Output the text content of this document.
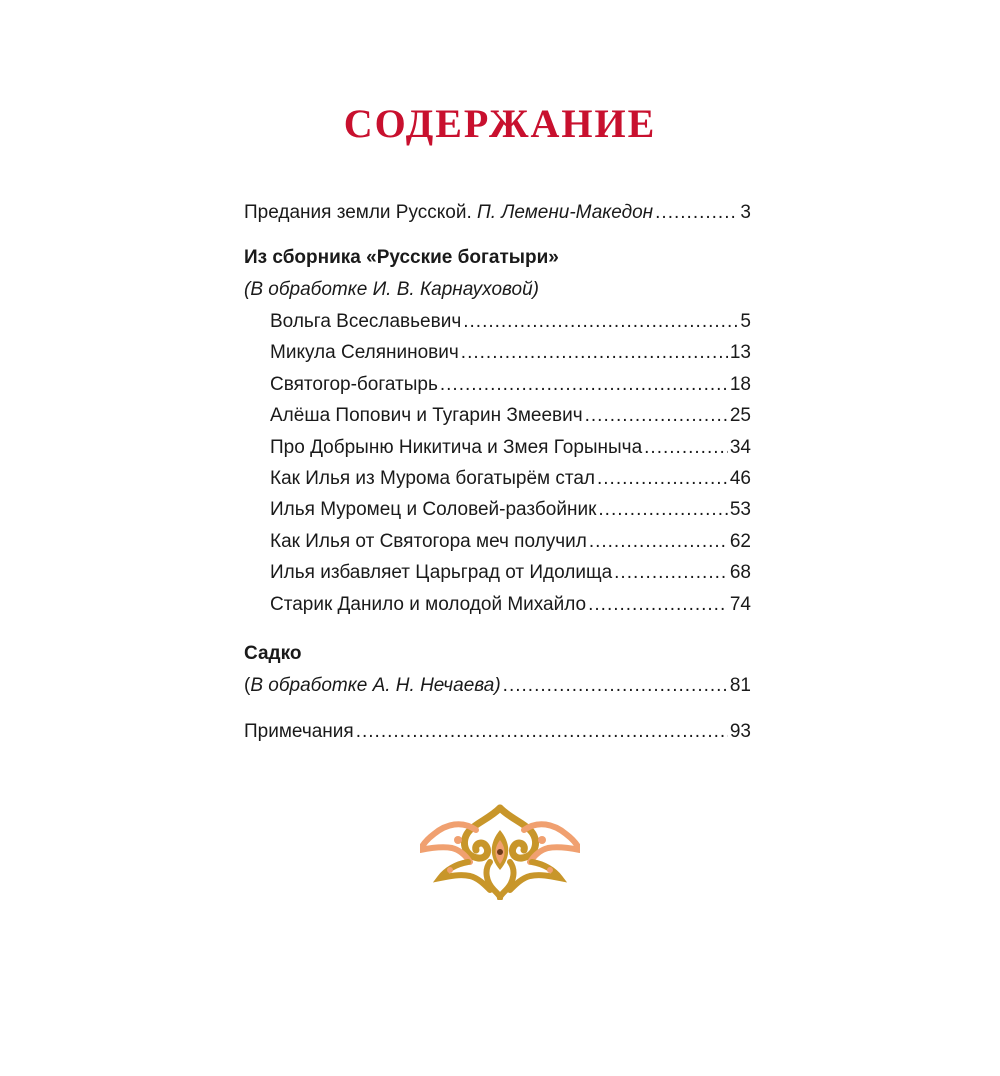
СОДЕРЖАНИЕ
Предания земли Русской. П. Лемени-Македон .....	3
Из сборника «Русские богатыри»
(В обработке И. В. Карнауховой)
Вольга Всеславьевич .....	5
Микула Селянинович .....	13
Святогор-богатырь .....	18
Алёша Попович и Тугарин Змеевич .....	25
Про Добрыню Никитича и Змея Горыныча .....	34
Как Илья из Мурома богатырём стал .....	46
Илья Муромец и Соловей-разбойник .....	53
Как Илья от Святогора меч получил .....	62
Илья избавляет Царьград от Идолища .....	68
Старик Данило и молодой Михайло .....	74
Садко
( В обработке А. Н. Нечаева) .....	81
Примечания .....	93
